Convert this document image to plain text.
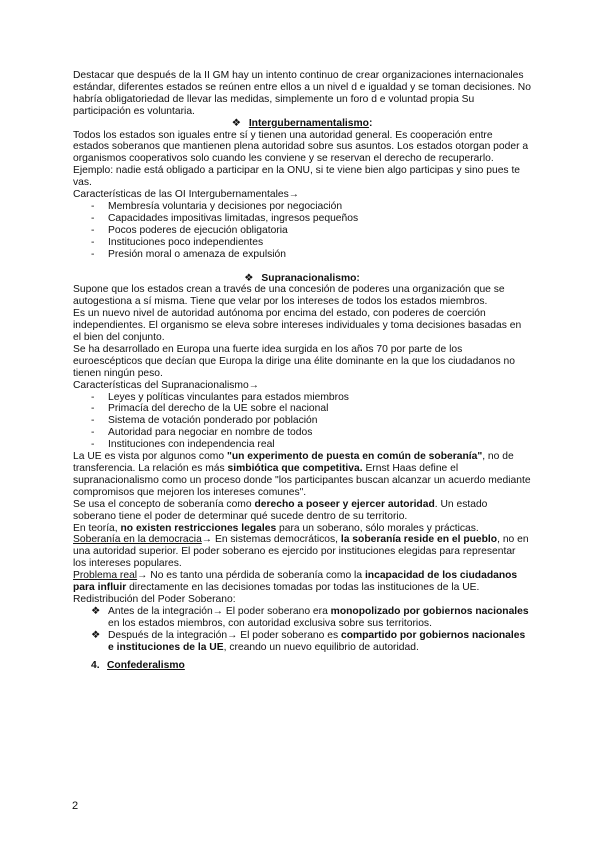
Destacar que después de la II GM hay un intento continuo de crear organizaciones internacionales estándar, diferentes estados se reúnen entre ellos a un nivel d e igualdad y se toman decisiones. No habría obligatoriedad de llevar las medidas, simplemente un foro d e voluntad propia Su participación es voluntaria.

❖ Intergubernamentalismo:

Todos los estados son iguales entre sí y tienen una autoridad general. Es cooperación entre estados soberanos que mantienen plena autoridad sobre sus asuntos. Los estados otorgan poder a organismos cooperativos solo cuando les conviene y se reservan el derecho de recuperarlo.

Ejemplo: nadie está obligado a participar en la ONU, si te viene bien algo participas y sino pues te vas.

Características de las OI Intergubernamentales→

- Membresía voluntaria y decisiones por negociación
- Capacidades impositivas limitadas, ingresos pequeños
- Pocos poderes de ejecución obligatoria
- Instituciones poco independientes
- Presión moral o amenaza de expulsión

❖ Supranacionalismo:

Supone que los estados crean a través de una concesión de poderes una organización que se autogestiona a sí misma. Tiene que velar por los intereses de todos los estados miembros.

Es un nuevo nivel de autoridad autónoma por encima del estado, con poderes de coerción independientes. El organismo se eleva sobre intereses individuales y toma decisiones basadas en el bien del conjunto.

Se ha desarrollado en Europa una fuerte idea surgida en los años 70 por parte de los euroescépticos que decían que Europa la dirige una élite dominante en la que los ciudadanos no tienen ningún peso.

Características del Supranacionalismo→

- Leyes y políticas vinculantes para estados miembros
- Primacía del derecho de la UE sobre el nacional
- Sistema de votación ponderado por población
- Autoridad para negociar en nombre de todos
- Instituciones con independencia real

La UE es vista por algunos como "un experimento de puesta en común de soberanía", no de transferencia. La relación es más simbiótica que competitiva. Ernst Haas define el supranacionalismo como un proceso donde "los participantes buscan alcanzar un acuerdo mediante compromisos que mejoren los intereses comunes".

Se usa el concepto de soberanía como derecho a poseer y ejercer autoridad. Un estado soberano tiene el poder de determinar qué sucede dentro de su territorio.

En teoría, no existen restricciones legales para un soberano, sólo morales y prácticas.

Soberanía en la democracia→ En sistemas democráticos, la soberanía reside en el pueblo, no en una autoridad superior. El poder soberano es ejercido por instituciones elegidas para representar los intereses populares.

Problema real→ No es tanto una pérdida de soberanía como la incapacidad de los ciudadanos para influir directamente en las decisiones tomadas por todas las instituciones de la UE.

Redistribución del Poder Soberano:

❖ Antes de la integración→ El poder soberano era monopolizado por gobiernos nacionales en los estados miembros, con autoridad exclusiva sobre sus territorios.
❖ Después de la integración→ El poder soberano es compartido por gobiernos nacionales e instituciones de la UE, creando un nuevo equilibrio de autoridad.

4. Confederalismo

2
